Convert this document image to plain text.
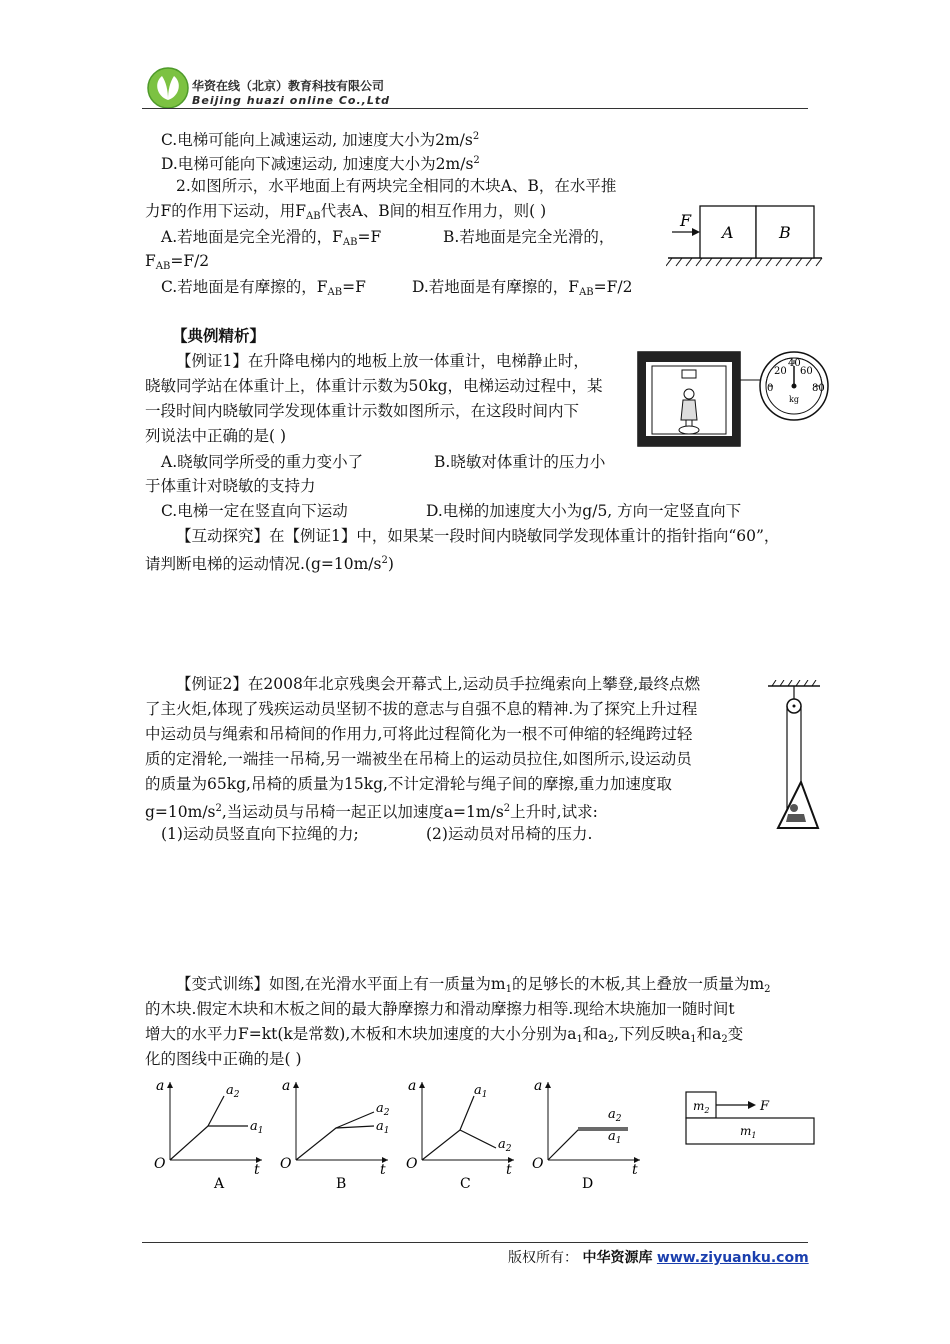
华资在线（北京）教育科技有限公司
Beijing huazi online Co.,Ltd
C.电梯可能向上减速运动, 加速度大小为$2m/s^2$
D.电梯可能向下减速运动, 加速度大小为$2m/s^2$
2.如图所示，水平地面上有两块完全相同的木块A、B，在水平推
力F的作用下运动，用$F_{AB}$代表A、B间的相互作用力，则( )
A.若地面是完全光滑的，$F_{AB}=F$	B.若地面是完全光滑的，
$F_{AB}=F/2$
C.若地面是有摩擦的，$F_{AB}=F$	D.若地面是有摩擦的，$F_{AB}=F/2$
F
A	B
【典例精析】
【例证1】在升降电梯内的地板上放一体重计，电梯静止时，
晓敏同学站在体重计上，体重计示数为50kg，电梯运动过程中，某
一段时间内晓敏同学发现体重计示数如图所示，在这段时间内下
列说法中正确的是( )
A.晓敏同学所受的重力变小了	B.晓敏对体重计的压力小
于体重计对晓敏的支持力
C.电梯一定在竖直向下运动	D.电梯的加速度大小为g/5, 方向一定竖直向下
0
20
40
60
80
kg
【互动探究】在【例证1】中，如果某一段时间内晓敏同学发现体重计的指针指向“60”，
请判断电梯的运动情况$.(g=10m/s^2)$
【例证2】在2008年北京残奥会开幕式上,运动员手拉绳索向上攀登,最终点燃
了主火炬,体现了残疾运动员坚韧不拔的意志与自强不息的精神.为了探究上升过程
中运动员与绳索和吊椅间的作用力,可将此过程简化为一根不可伸缩的轻绳跨过轻
质的定滑轮,一端挂一吊椅,另一端被坐在吊椅上的运动员拉住,如图所示,设运动员
的质量为65kg,吊椅的质量为15kg,不计定滑轮与绳子间的摩擦,重力加速度取
$g=10m/s^2$,当运动员与吊椅一起正以加速度$a=1m/s^2$上升时,试求:
(1)运动员竖直向下拉绳的力;	(2)运动员对吊椅的压力.
【变式训练】如图,在光滑水平面上有一质量为$m_1$的足够长的木板,其上叠放一质量为$m_2$
的木块.假定木块和木板之间的最大静摩擦力和滑动摩擦力相等.现给木块施加一随时间t
增大的水平力F=kt(k是常数),木板和木块加速度的大小分别为$a_1$和$a_2$,下列反映$a_1$和$a_2$变
化的图线中正确的是( )
a
O	t
$a_2$
$a_1$
A
a
O	t
$a_2$
$a_1$
B
a
O	t
$a_1$
$a_2$
C
a
O	t
$a_2$
$a_1$
D
$m_2$	F
$m_1$
版权所有： 中华资源库 www.ziyuanku.com
